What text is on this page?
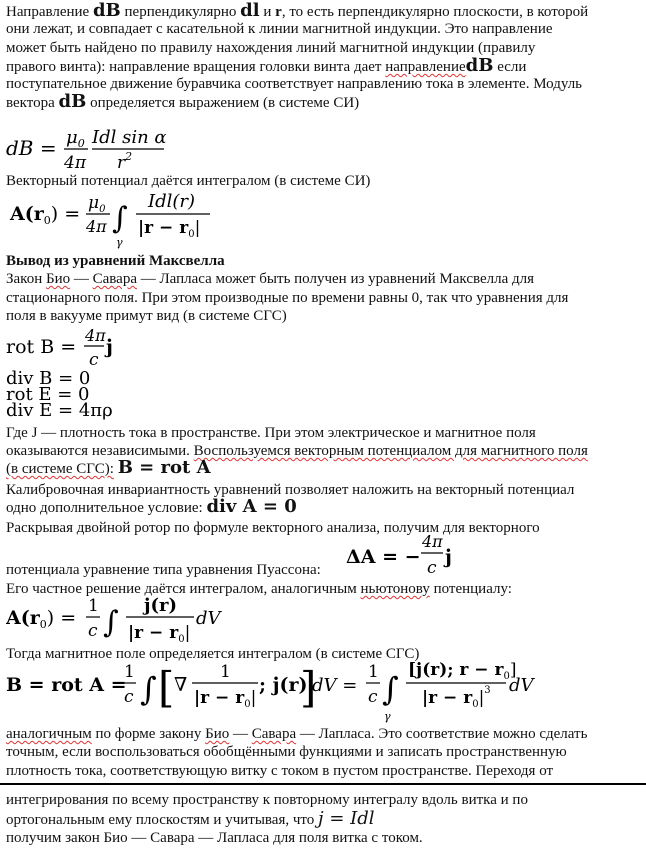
Направление dB перпендикулярно dl и r, то есть перпендикулярно плоскости, в которой
они лежат, и совпадает с касательной к линии магнитной индукции. Это направление
может быть найдено по правилу нахождения линий магнитной индукции (правилу
правого винта): направление вращения головки винта дает направлениеdB если
поступательное движение буравчика соответствует направлению тока в элементе. Модуль
вектора dB определяется выражением (в системе СИ)
dB = $\mu_0$
4π
Idl sin α
$r^2$
Векторный потенциал даётся интегралом (в системе СИ)
$A(r_0) = \mu_0$
4π ∫
γ
Idl(r)
$|r - r_0|$
Вывод из уравнений Максвелла
Закон Био — Савара — Лапласа может быть получен из уравнений Максвелла для
стационарного поля. При этом производные по времени равны 0, так что уравнения для
поля в вакууме примут вид (в системе СГС)
rot B =
4π
c
j
div B = 0
rot E = 0
div E = 4πρ
Где J — плотность тока в пространстве. При этом электрическое и магнитное поля
оказываются независимыми. Воспользуемся векторным потенциалом для магнитного поля
(в системе СГС): B = rot A
Калибровочная инвариантность уравнений позволяет наложить на векторный потенциал
одно дополнительное условие: div A = 0
Раскрывая двойной ротор по формуле векторного анализа, получим для векторного
потенциала уравнение типа уравнения Пуассона:
ΔA = −
4π
c j
Его частное решение даётся интегралом, аналогичным ньютонову потенциалу:
$A(r_0)$ =
1
c ∫ j(r)
$|r - r_0|$
dV
Тогда магнитное поле определяется интегралом (в системе СГС)
B = rot A =
1
c ∫ [ ∇
1
$|r - r_0|$
; j(r)
]
dV =
1
c ∫
γ
[j(r); $r - r_0$]
$|r - r_0|^3$ dV
аналогичным по форме закону Био — Савара — Лапласа. Это соответствие можно сделать
точным, если воспользоваться обобщёнными функциями и записать пространственную
плотность тока, соответствующую витку с током в пустом пространстве. Переходя от
интегрирования по всему пространству к повторному интегралу вдоль витка и по
ортогональным ему плоскостям и учитывая, что j = Idl
получим закон Био — Савара — Лапласа для поля витка с током.
